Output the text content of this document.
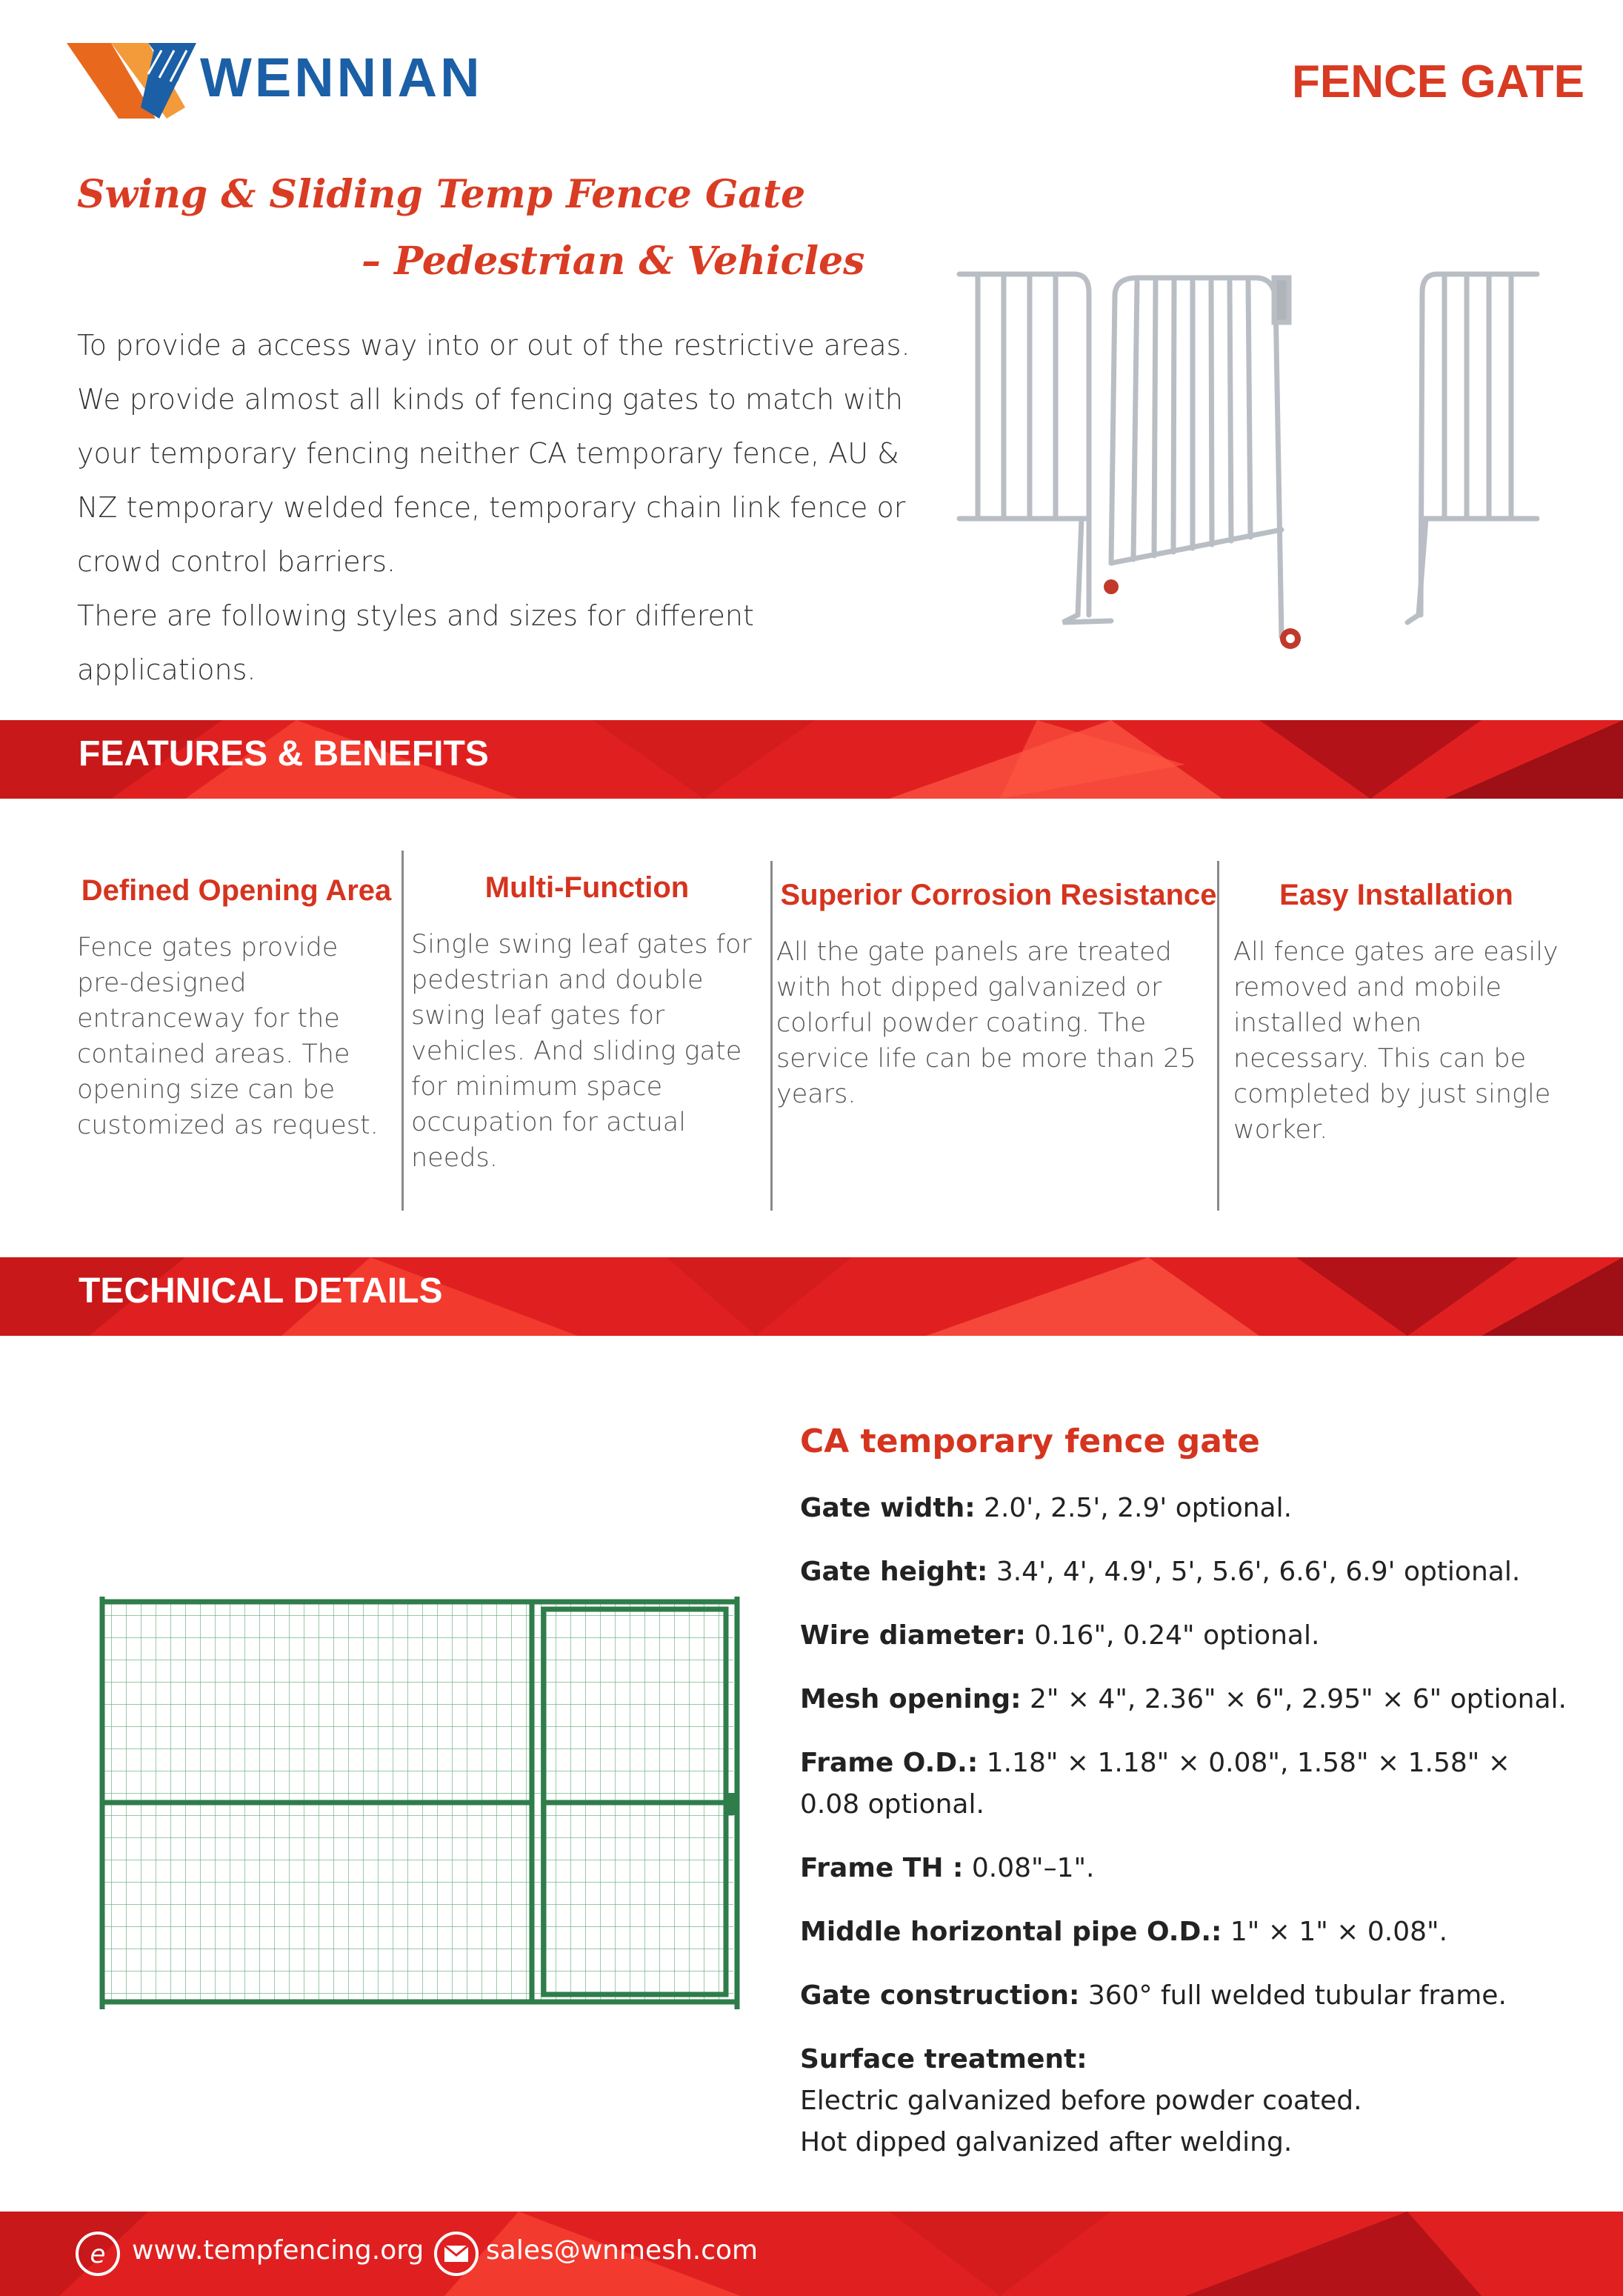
WENNIAN	FENCE GATE
Swing & Sliding Temp Fence Gate
– Pedestrian & Vehicles

To provide a access way into or out of the restrictive areas. We provide almost all kinds of fencing gates to match with your temporary fencing neither CA temporary fence, AU & NZ temporary welded fence, temporary chain link fence or crowd control barriers.

There are following styles and sizes for different applications.

FEATURES & BENEFITS
Defined Opening Area

Fence gates provide pre-designed entranceway for the contained areas. The opening size can be customized as request.

Multi-Function

Single swing leaf gates for pedestrian and double swing leaf gates for vehicles. And sliding gate for minimum space occupation for actual needs.

Superior Corrosion Resistance

All the gate panels are treated with hot dipped galvanized or colorful powder coating. The service life can be more than 25 years.

Easy Installation

All fence gates are easily removed and mobile installed when necessary. This can be completed by just single worker.

TECHNICAL DETAILS
CA temporary fence gate
Gate width: 2.0', 2.5', 2.9' optional.
Gate height: 3.4', 4', 4.9', 5', 5.6', 6.6', 6.9' optional.
Wire diameter: 0.16", 0.24" optional.
Mesh opening: 2" × 4", 2.36" × 6", 2.95" × 6" optional.
Frame O.D.: 1.18" × 1.18" × 0.08", 1.58" × 1.58" × 0.08 optional.
Frame TH : 0.08"–1".
Middle horizontal pipe O.D.: 1" × 1" × 0.08".
Gate construction: 360° full welded tubular frame.
Surface treatment:
Electric galvanized before powder coated.
Hot dipped galvanized after welding.
e www.tempfencing.org sales@wnmesh.com
